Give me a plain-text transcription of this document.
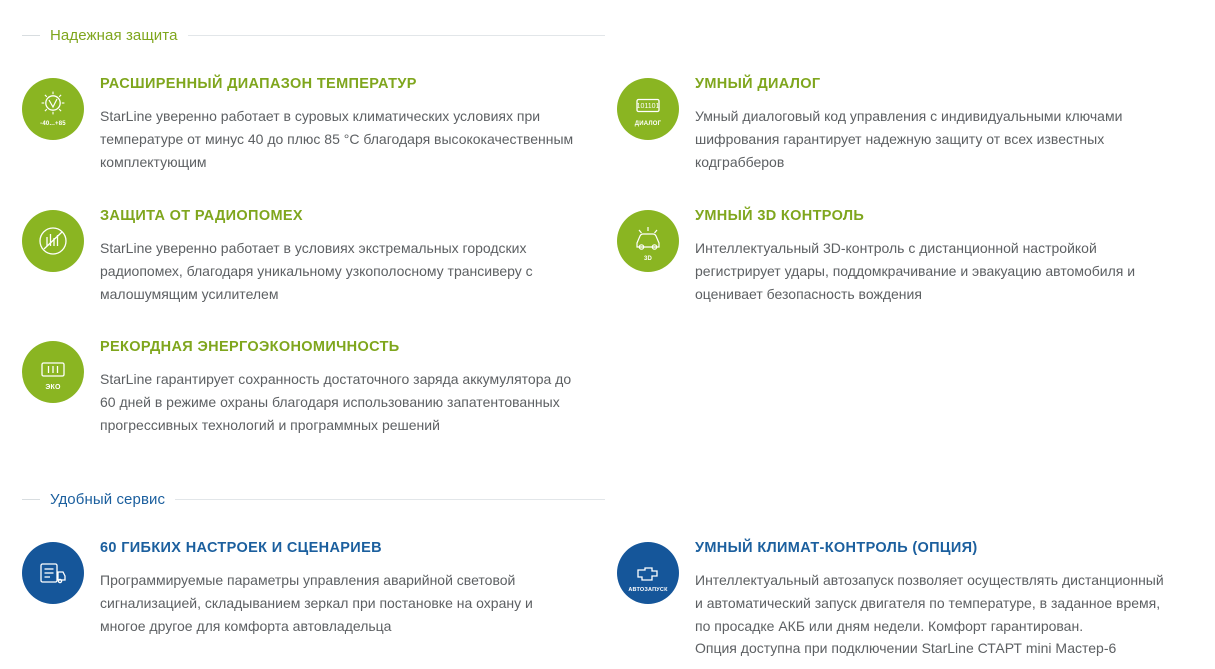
Надежная защита
-40...+85
РАСШИРЕННЫЙ ДИАПАЗОН ТЕМПЕРАТУР

StarLine уверенно работает в суровых климатических условиях при температуре от минус 40 до плюс 85 °C благодаря высококачественным комплектующим

101101
ДИАЛОГ
УМНЫЙ ДИАЛОГ

Умный диалоговый код управления с индивидуальными ключами шифрования гарантирует надежную защиту от всех известных кодграбберов

ЗАЩИТА ОТ РАДИОПОМЕХ

StarLine уверенно работает в условиях экстремальных городских радиопомех, благодаря уникальному узкополосному трансиверу с малошумящим усилителем

3D
УМНЫЙ 3D КОНТРОЛЬ

Интеллектуальный 3D-контроль с дистанционной настройкой регистрирует удары, поддомкрачивание и эвакуацию автомобиля и оценивает безопасность вождения

ЭКО
РЕКОРДНАЯ ЭНЕРГОЭКОНОМИЧНОСТЬ

StarLine гарантирует сохранность достаточного заряда аккумулятора до 60 дней в режиме охраны благодаря использованию запатентованных прогрессивных технологий и программных решений

Удобный сервис
60 ГИБКИХ НАСТРОЕК И СЦЕНАРИЕВ

Программируемые параметры управления аварийной световой сигнализацией, складыванием зеркал при постановке на охрану и многое другое для комфорта автовладельца

АВТОЗАПУСК
УМНЫЙ КЛИМАТ-КОНТРОЛЬ (ОПЦИЯ)

Интеллектуальный автозапуск позволяет осуществлять дистанционный и автоматический запуск двигателя по температуре, в заданное время, по просадке АКБ или дням недели. Комфорт гарантирован.

Опция доступна при подключении StarLine СТАРТ mini Мастер-6
